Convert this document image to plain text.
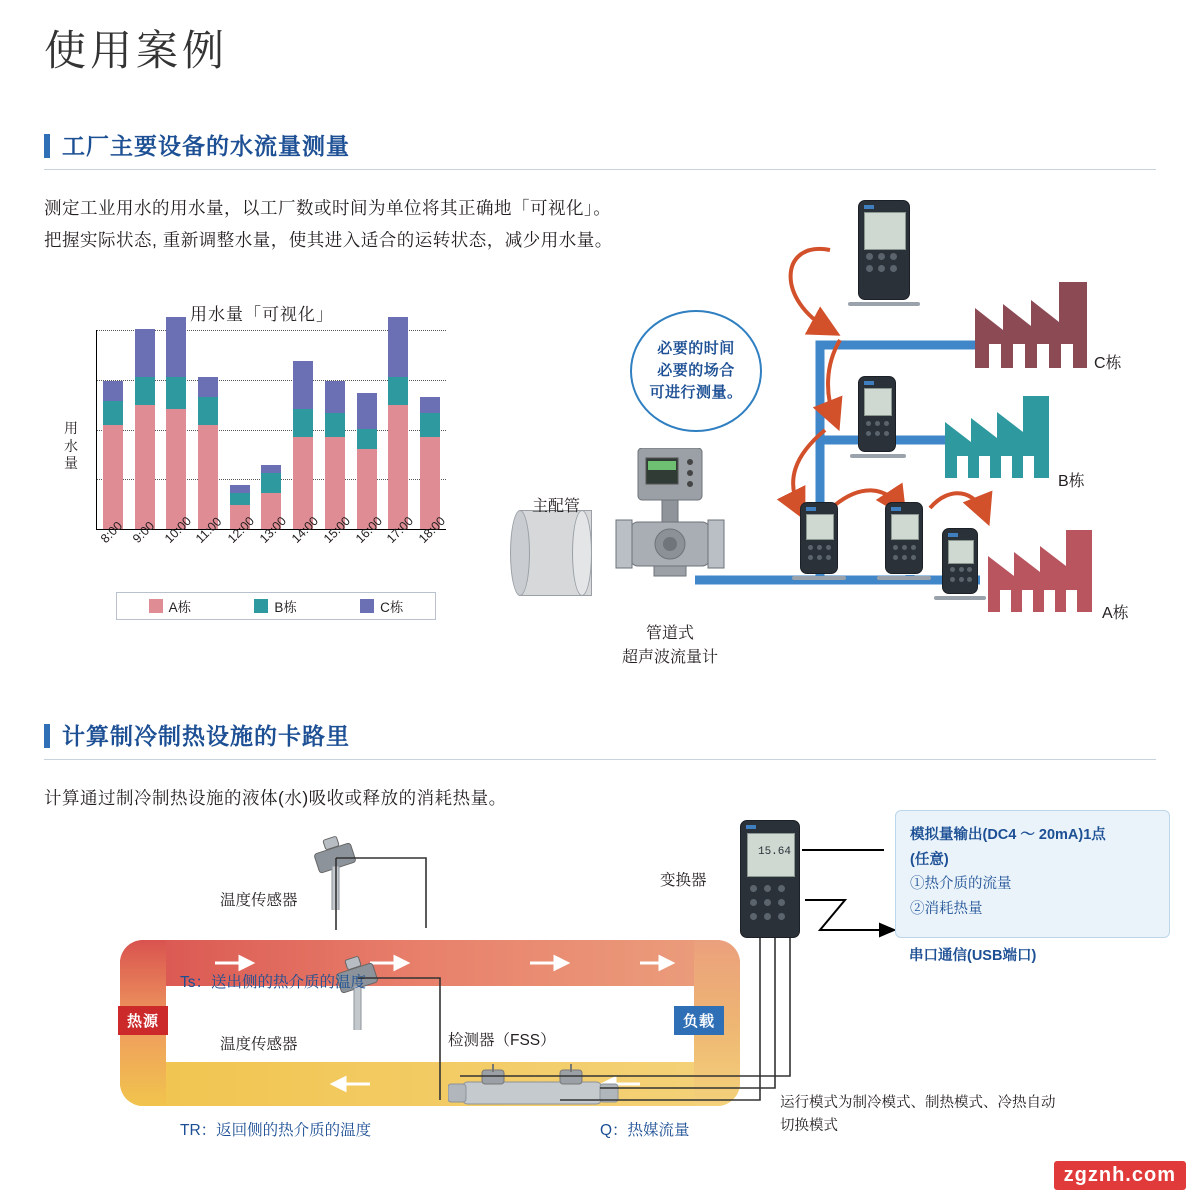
使用案例
工厂主要设备的水流量测量
测定工业用水的用水量，以工厂数或时间为单位将其正确地「可视化」。
把握实际状态, 重新调整水量，使其进入适合的运转状态，减少用水量。
用水量「可视化」
用水量
8:00 9:00 10:00 11:00 12:00 13:00 14:00 15:00 16:00 17:00 18:00
A栋	B栋	C栋
必要的时间
必要的场合
可进行测量。
C栋
B栋
A栋
主配管
管道式
超声波流量计
计算制冷制热设施的卡路里
计算通过制冷制热设施的液体(水)吸收或释放的消耗热量。
热源	负载
温度传感器
温度传感器
Ts：送出侧的热介质的温度
TR：返回侧的热介质的温度
检测器（FSS）
Q：热媒流量
15.64
变换器
模拟量输出(DC4 ～ 20mA)1点
(任意)
①热介质的流量
②消耗热量
串口通信(USB端口)
运行模式为制冷模式、制热模式、冷热自动
切换模式
zgznh.com
